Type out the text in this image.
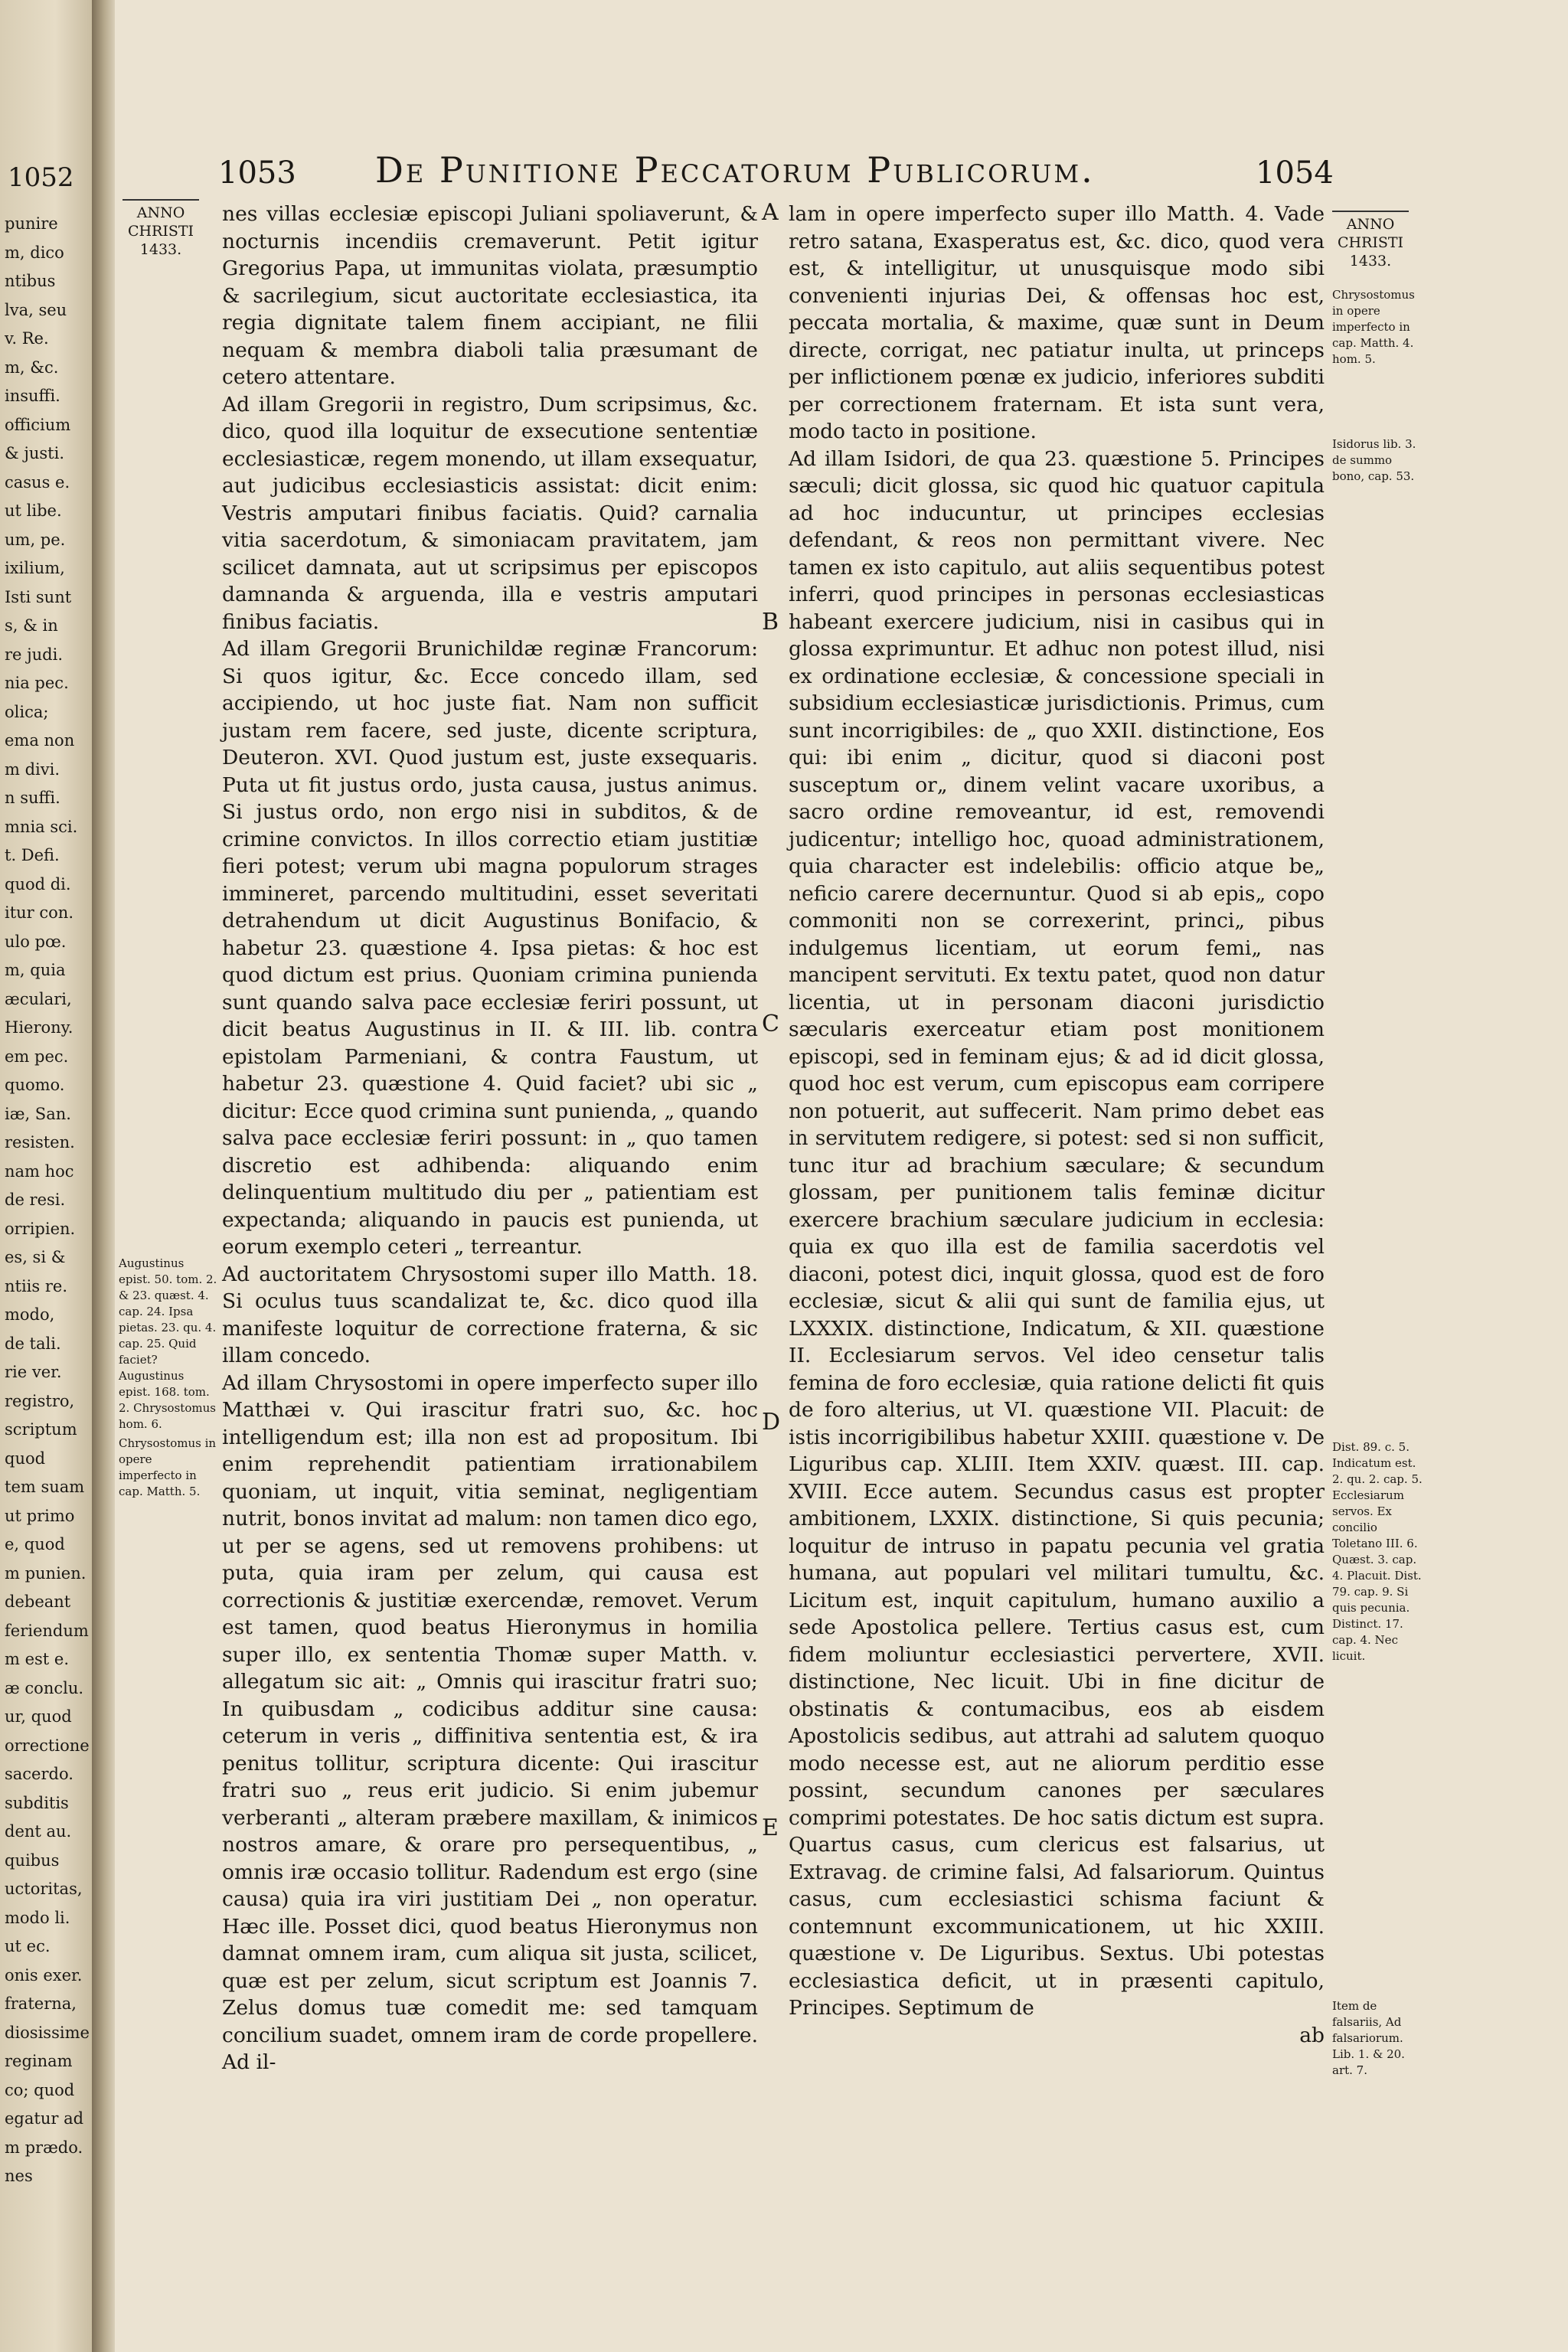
1052
punire
m, dico
ntibus
lva, seu
v. Re.
m, &c.
insuffi.
officium
& justi.
casus e.
ut libe.
um, pe.
ixilium,
Isti sunt
s, & in
re judi.
nia pec.
olica;
ema non
m divi.
n suffi.
mnia sci.
t. Defi.
quod di.
itur con.
ulo pœ.
m, quia
æculari,
Hierony.
em pec.
quomo.
iæ, San.
resisten.
nam hoc
de resi.
orripien.
es, si &
ntiis re.
modo,
de tali.
rie ver.
registro,
scriptum
quod
tem suam
ut primo
e, quod
m punien.
debeant
feriendum
m est e.
æ conclu.
ur, quod
orrectione
sacerdo.
subditis
dent au.
quibus
uctoritas,
modo li.
ut ec.
onis exer.
fraterna,
diosissime
reginam
co; quod
egatur ad
m prædo.
nes
1053 De Punitione Peccatorum Publicorum.	1054
ANNO CHRISTI 1433.
Augustinus epist. 50. tom. 2. & 23. quæst. 4. cap. 24. Ipsa pietas. 23. qu. 4. cap. 25. Quid faciet? Augustinus epist. 168. tom. 2. Chrysostomus hom. 6.
Chrysostomus in opere imperfecto in cap. Matth. 5.

nes villas ecclesiæ episcopi Juliani spoliaverunt, & nocturnis incendiis cremaverunt. Petit igitur Gregorius Papa, ut immunitas violata, præsumptio & sacrilegium, sicut auctoritate ecclesiastica, ita regia dignitate talem finem accipiant, ne filii nequam & membra diaboli talia præsumant de cetero attentare.

Ad illam Gregorii in registro, Dum scripsimus, &c. dico, quod illa loquitur de exsecutione sententiæ ecclesiasticæ, regem monendo, ut illam exsequatur, aut judicibus ecclesiasticis assistat: dicit enim: Vestris amputari finibus faciatis. Quid? carnalia vitia sacerdotum, & simoniacam pravitatem, jam scilicet damnata, aut ut scripsimus per episcopos damnanda & arguenda, illa e vestris amputari finibus faciatis.

Ad illam Gregorii Brunichildæ reginæ Francorum: Si quos igitur, &c. Ecce concedo illam, sed accipiendo, ut hoc juste fiat. Nam non sufficit justam rem facere, sed juste, dicente scriptura, Deuteron. XVI. Quod justum est, juste exsequaris. Puta ut fit justus ordo, justa causa, justus animus. Si justus ordo, non ergo nisi in subditos, & de crimine convictos. In illos correctio etiam justitiæ fieri potest; verum ubi magna populorum strages immineret, parcendo multitudini, esset severitati detrahendum ut dicit Augustinus Bonifacio, & habetur 23. quæstione 4. Ipsa pietas: & hoc est quod dictum est prius. Quoniam crimina punienda sunt quando salva pace ecclesiæ feriri possunt, ut dicit beatus Augustinus in II. & III. lib. contra epistolam Parmeniani, & contra Faustum, ut habetur 23. quæstione 4. Quid faciet? ubi sic „ dicitur: Ecce quod crimina sunt punienda, „ quando salva pace ecclesiæ feriri possunt: in „ quo tamen discretio est adhibenda: aliquando enim delinquentium multitudo diu per „ patientiam est expectanda; aliquando in paucis est punienda, ut eorum exemplo ceteri „ terreantur.

Ad auctoritatem Chrysostomi super illo Matth. 18. Si oculus tuus scandalizat te, &c. dico quod illa manifeste loquitur de correctione fraterna, & sic illam concedo.

Ad illam Chrysostomi in opere imperfecto super illo Matthæi v. Qui irascitur fratri suo, &c. hoc intelligendum est; illa non est ad propositum. Ibi enim reprehendit patientiam irrationabilem quoniam, ut inquit, vitia seminat, negligentiam nutrit, bonos invitat ad malum: non tamen dico ego, ut per se agens, sed ut removens prohibens: ut puta, quia iram per zelum, qui causa est correctionis & justitiæ exercendæ, removet. Verum est tamen, quod beatus Hieronymus in homilia super illo, ex sententia Thomæ super Matth. v. allegatum sic ait: „ Omnis qui irascitur fratri suo; In quibusdam „ codicibus additur sine causa: ceterum in veris „ diffinitiva sententia est, & ira penitus tollitur, scriptura dicente: Qui irascitur fratri suo „ reus erit judicio. Si enim jubemur verberanti „ alteram præbere maxillam, & inimicos nostros amare, & orare pro persequentibus, „ omnis iræ occasio tollitur. Radendum est ergo (sine causa) quia ira viri justitiam Dei „ non operatur. Hæc ille. Posset dici, quod beatus Hieronymus non damnat omnem iram, cum aliqua sit justa, scilicet, quæ est per zelum, sicut scriptum est Joannis 7. Zelus domus tuæ comedit me: sed tamquam concilium suadet, omnem iram de corde propellere. Ad il-

A
B
C
D
E

lam in opere imperfecto super illo Matth. 4. Vade retro satana, Exasperatus est, &c. dico, quod vera est, & intelligitur, ut unusquisque modo sibi convenienti injurias Dei, & offensas hoc est, peccata mortalia, & maxime, quæ sunt in Deum directe, corrigat, nec patiatur inulta, ut princeps per inflictionem pœnæ ex judicio, inferiores subditi per correctionem fraternam. Et ista sunt vera, modo tacto in positione.

Ad illam Isidori, de qua 23. quæstione 5. Principes sæculi; dicit glossa, sic quod hic quatuor capitula ad hoc inducuntur, ut principes ecclesias defendant, & reos non permittant vivere. Nec tamen ex isto capitulo, aut aliis sequentibus potest inferri, quod principes in personas ecclesiasticas habeant exercere judicium, nisi in casibus qui in glossa exprimuntur. Et adhuc non potest illud, nisi ex ordinatione ecclesiæ, & concessione speciali in subsidium ecclesiasticæ jurisdictionis. Primus, cum sunt incorrigibiles: de „ quo XXII. distinctione, Eos qui: ibi enim „ dicitur, quod si diaconi post susceptum or„ dinem velint vacare uxoribus, a sacro ordine removeantur, id est, removendi judicentur; intelligo hoc, quoad administrationem, quia character est indelebilis: officio atque be„ neficio carere decernuntur. Quod si ab epis„ copo commoniti non se correxerint, princi„ pibus indulgemus licentiam, ut eorum femi„ nas mancipent servituti. Ex textu patet, quod non datur licentia, ut in personam diaconi jurisdictio sæcularis exerceatur etiam post monitionem episcopi, sed in feminam ejus; & ad id dicit glossa, quod hoc est verum, cum episcopus eam corripere non potuerit, aut suffecerit. Nam primo debet eas in servitutem redigere, si potest: sed si non sufficit, tunc itur ad brachium sæculare; & secundum glossam, per punitionem talis feminæ dicitur exercere brachium sæculare judicium in ecclesia: quia ex quo illa est de familia sacerdotis vel diaconi, potest dici, inquit glossa, quod est de foro ecclesiæ, sicut & alii qui sunt de familia ejus, ut LXXXIX. distinctione, Indicatum, & XII. quæstione II. Ecclesiarum servos. Vel ideo censetur talis femina de foro ecclesiæ, quia ratione delicti fit quis de foro alterius, ut VI. quæstione VII. Placuit: de istis incorrigibilibus habetur XXIII. quæstione v. De Liguribus cap. XLIII. Item XXIV. quæst. III. cap. XVIII. Ecce autem. Secundus casus est propter ambitionem, LXXIX. distinctione, Si quis pecunia; loquitur de intruso in papatu pecunia vel gratia humana, aut populari vel militari tumultu, &c. Licitum est, inquit capitulum, humano auxilio a sede Apostolica pellere. Tertius casus est, cum fidem moliuntur ecclesiastici pervertere, XVII. distinctione, Nec licuit. Ubi in fine dicitur de obstinatis & contumacibus, eos ab eisdem Apostolicis sedibus, aut attrahi ad salutem quoquo modo necesse est, aut ne aliorum perditio esse possint, secundum canones per sæculares comprimi potestates. De hoc satis dictum est supra. Quartus casus, cum clericus est falsarius, ut Extravag. de crimine falsi, Ad falsariorum. Quintus casus, cum ecclesiastici schisma faciunt & contemnunt excommunicationem, ut hic XXIII. quæstione v. De Liguribus. Sextus. Ubi potestas ecclesiastica deficit, ut in præsenti capitulo, Principes. Septimum de

ab

ANNO CHRISTI 1433.
Chrysostomus in opere imperfecto in cap. Matth. 4. hom. 5.
Isidorus lib. 3. de summo bono, cap. 53.
Dist. 89. c. 5. Indicatum est. 2. qu. 2. cap. 5. Ecclesiarum servos. Ex concilio Toletano III. 6. Quæst. 3. cap. 4. Placuit. Dist. 79. cap. 9. Si quis pecunia. Distinct. 17. cap. 4. Nec licuit.
Item de falsariis, Ad falsariorum. Lib. 1. & 20. art. 7.
